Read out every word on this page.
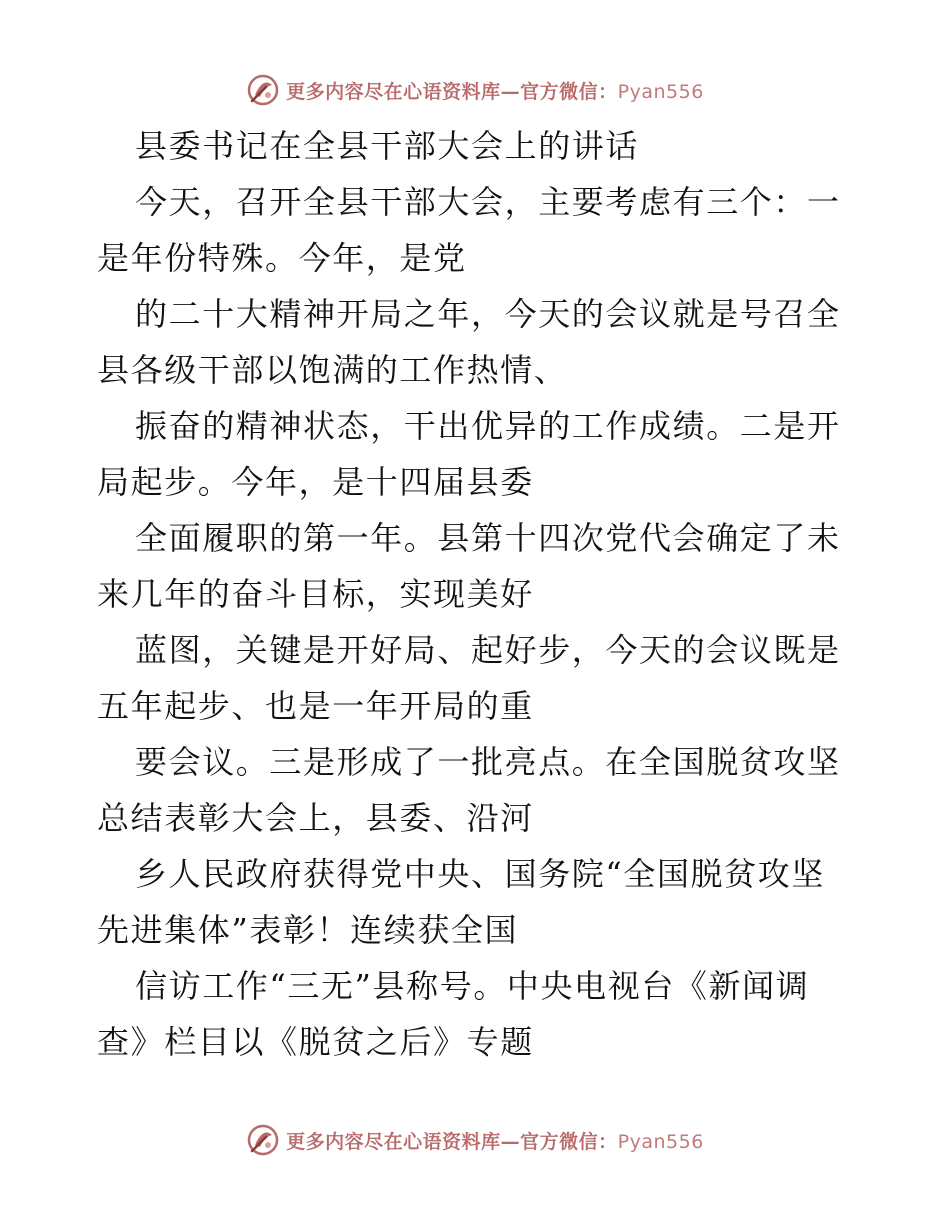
更多内容尽在心语资料库—官方微信：Pyan556
县委书记在全县干部大会上的讲话
今天，召开全县干部大会，主要考虑有三个：一
是年份特殊。今年，是党
的二十大精神开局之年，今天的会议就是号召全
县各级干部以饱满的工作热情、
振奋的精神状态，干出优异的工作成绩。二是开
局起步。今年，是十四届县委
全面履职的第一年。县第十四次党代会确定了未
来几年的奋斗目标，实现美好
蓝图，关键是开好局、起好步，今天的会议既是
五年起步、也是一年开局的重
要会议。三是形成了一批亮点。在全国脱贫攻坚
总结表彰大会上，县委、沿河
乡人民政府获得党中央、国务院“全国脱贫攻坚
先进集体”表彰！连续获全国
信访工作“三无”县称号。中央电视台《新闻调
查》栏目以《脱贫之后》专题
更多内容尽在心语资料库—官方微信：Pyan556
